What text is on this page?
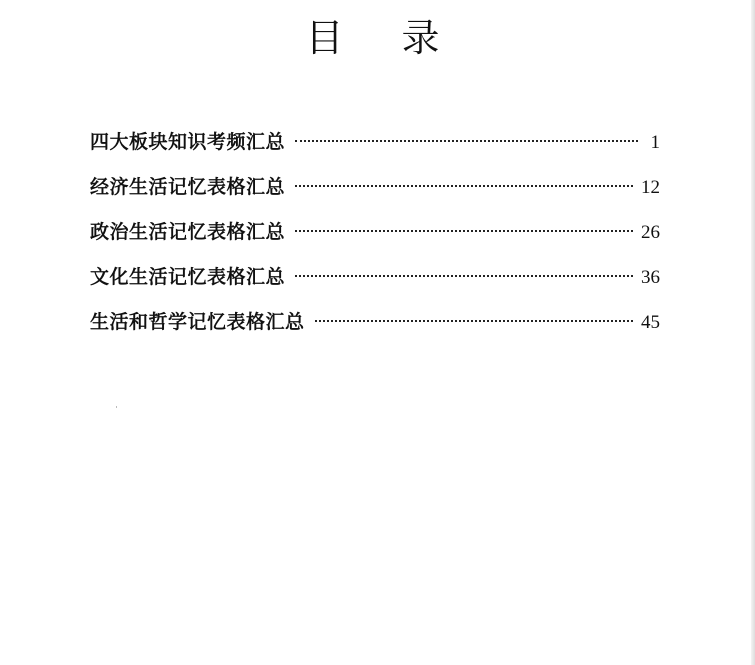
目 录
四大板块知识考频汇总	1
经济生活记忆表格汇总	12
政治生活记忆表格汇总	26
文化生活记忆表格汇总	36
生活和哲学记忆表格汇总	45
